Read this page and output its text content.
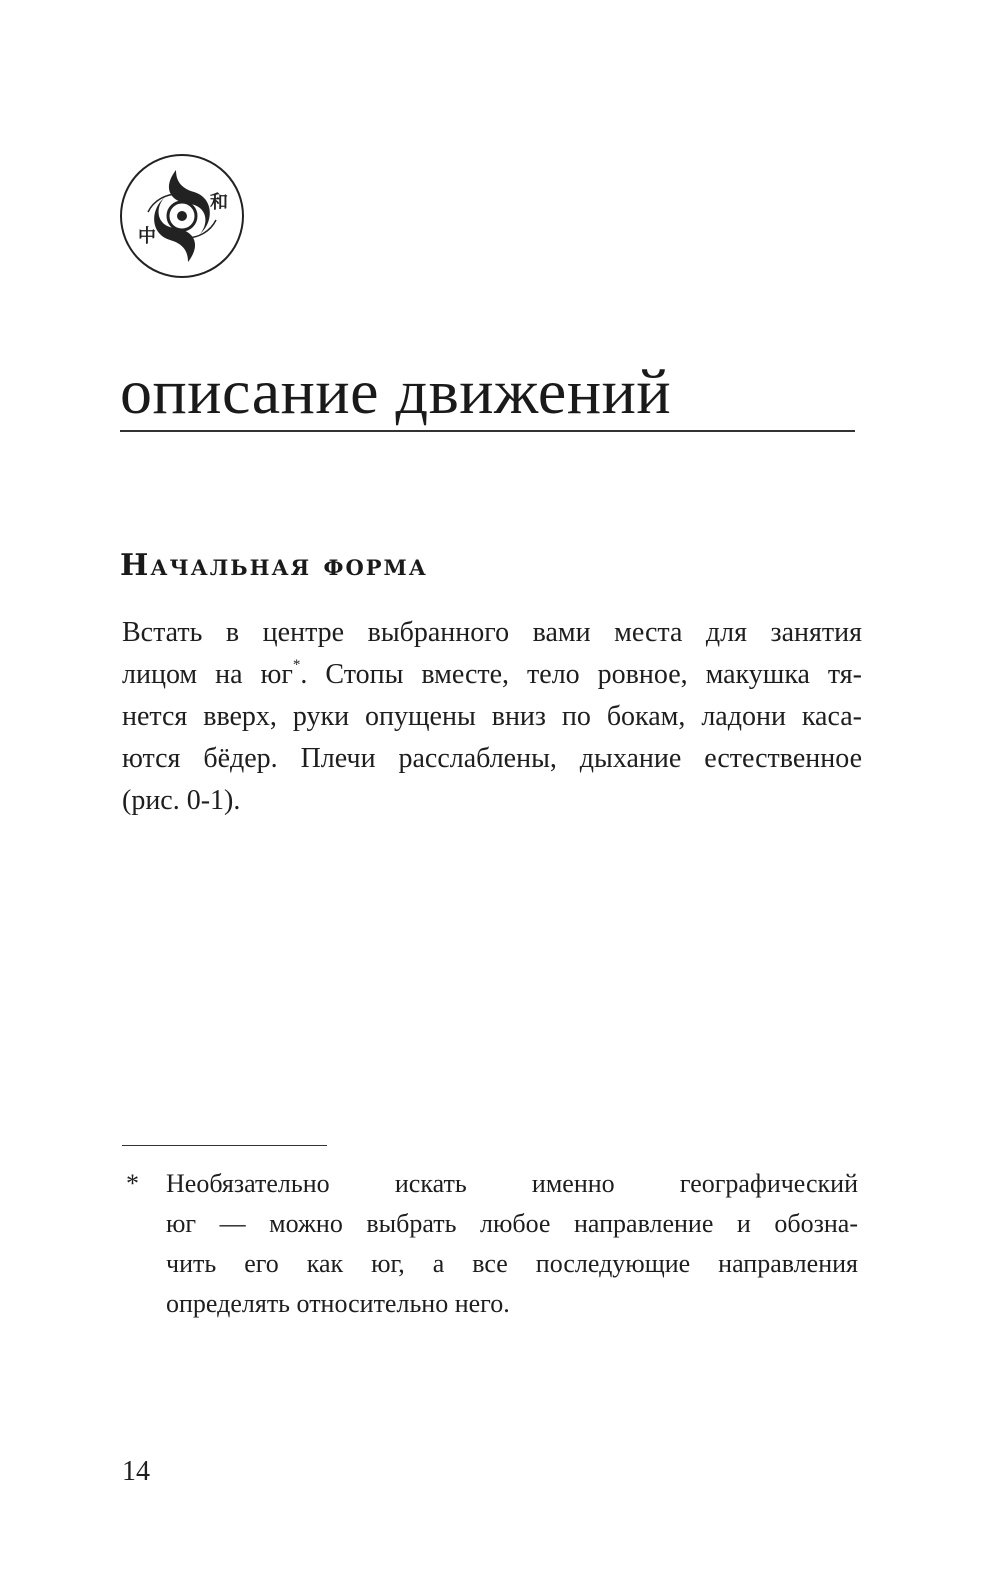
中
和
описание движений
Начальная форма

Встать в центре выбранного вами места для занятия
лицом на юг*. Стопы вместе, тело ровное, макушка тя-
нется вверх, руки опущены вниз по бокам, ладони каса-
ются бёдер. Плечи расслаблены, дыхание естественное
(рис. 0-1).

* Необязательно искать именно географический
юг — можно выбрать любое направление и обозна-
чить его как юг, а все последующие направления
определять относительно него.
14
